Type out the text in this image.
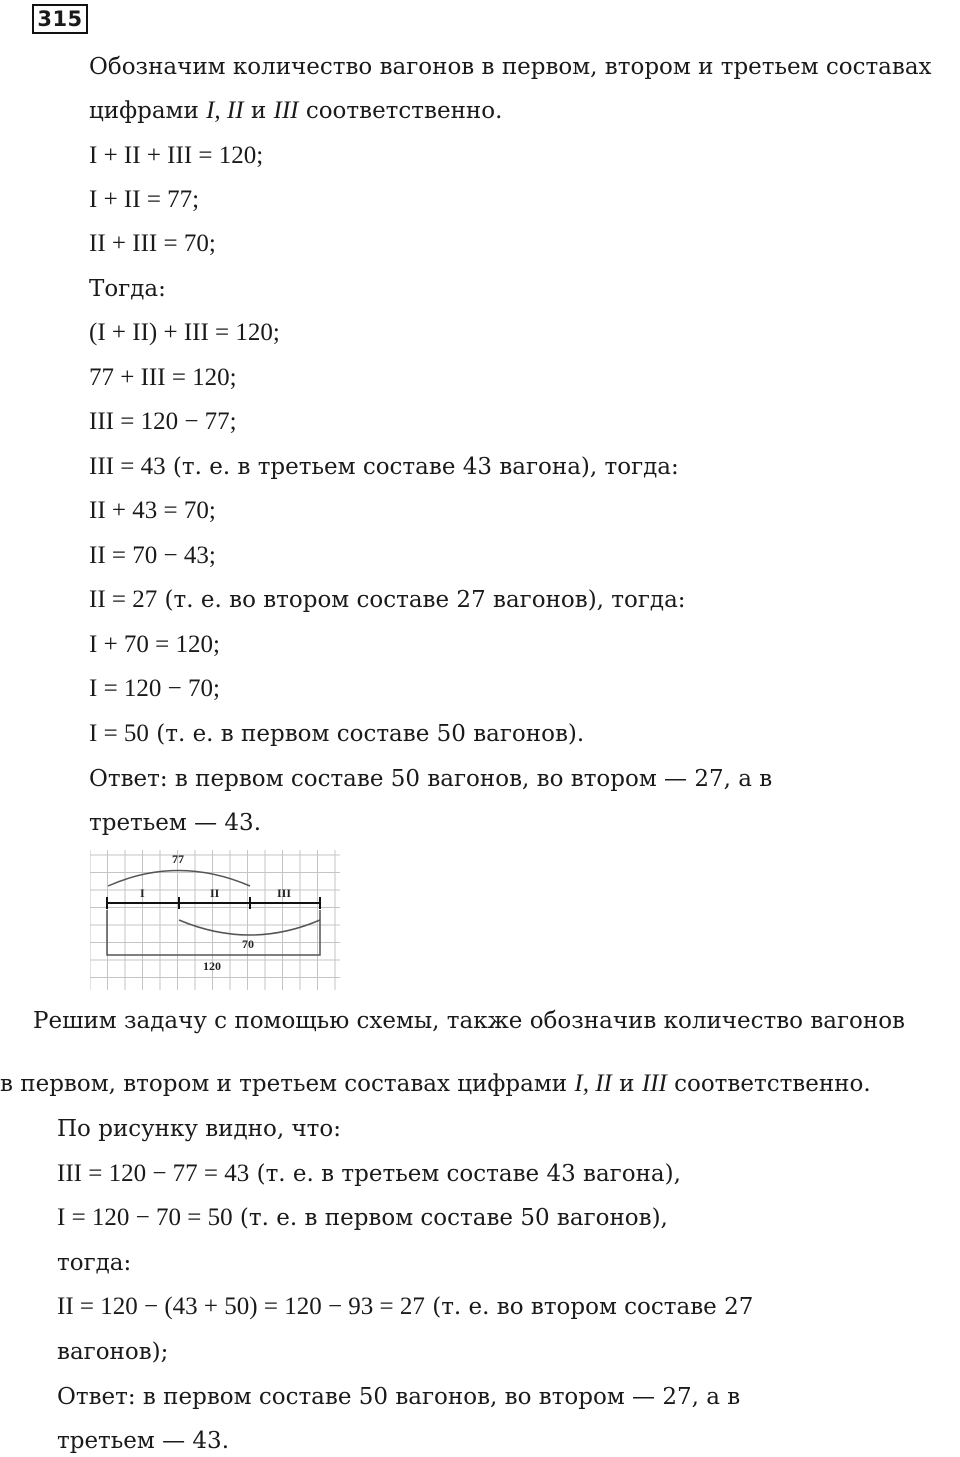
315
Обозначим количество вагонов в первом, втором и третьем составах
цифрами I, II и III соответственно.
I + II + III = 120;
I + II = 77;
II + III = 70;
Тогда:
(I + II) + III = 120;
77 + III = 120;
III = 120 − 77;
III = 43 (т. е. в третьем составе 43 вагона), тогда:
II + 43 = 70;
II = 70 − 43;
II = 27 (т. е. во втором составе 27 вагонов), тогда:
I + 70 = 120;
I = 120 − 70;
I = 50 (т. е. в первом составе 50 вагонов).
Ответ: в первом составе 50 вагонов, во втором — 27, а в
третьем — 43.
77
I	II	III
70
120
Решим задачу с помощью схемы, также обозначив количество вагонов
в первом, втором и третьем составах цифрами I, II и III соответственно.
По рисунку видно, что:
III = 120 − 77 = 43 (т. е. в третьем составе 43 вагона),
I = 120 − 70 = 50 (т. е. в первом составе 50 вагонов),
тогда:
II = 120 − (43 + 50) = 120 − 93 = 27 (т. е. во втором составе 27
вагонов);
Ответ: в первом составе 50 вагонов, во втором — 27, а в
третьем — 43.
